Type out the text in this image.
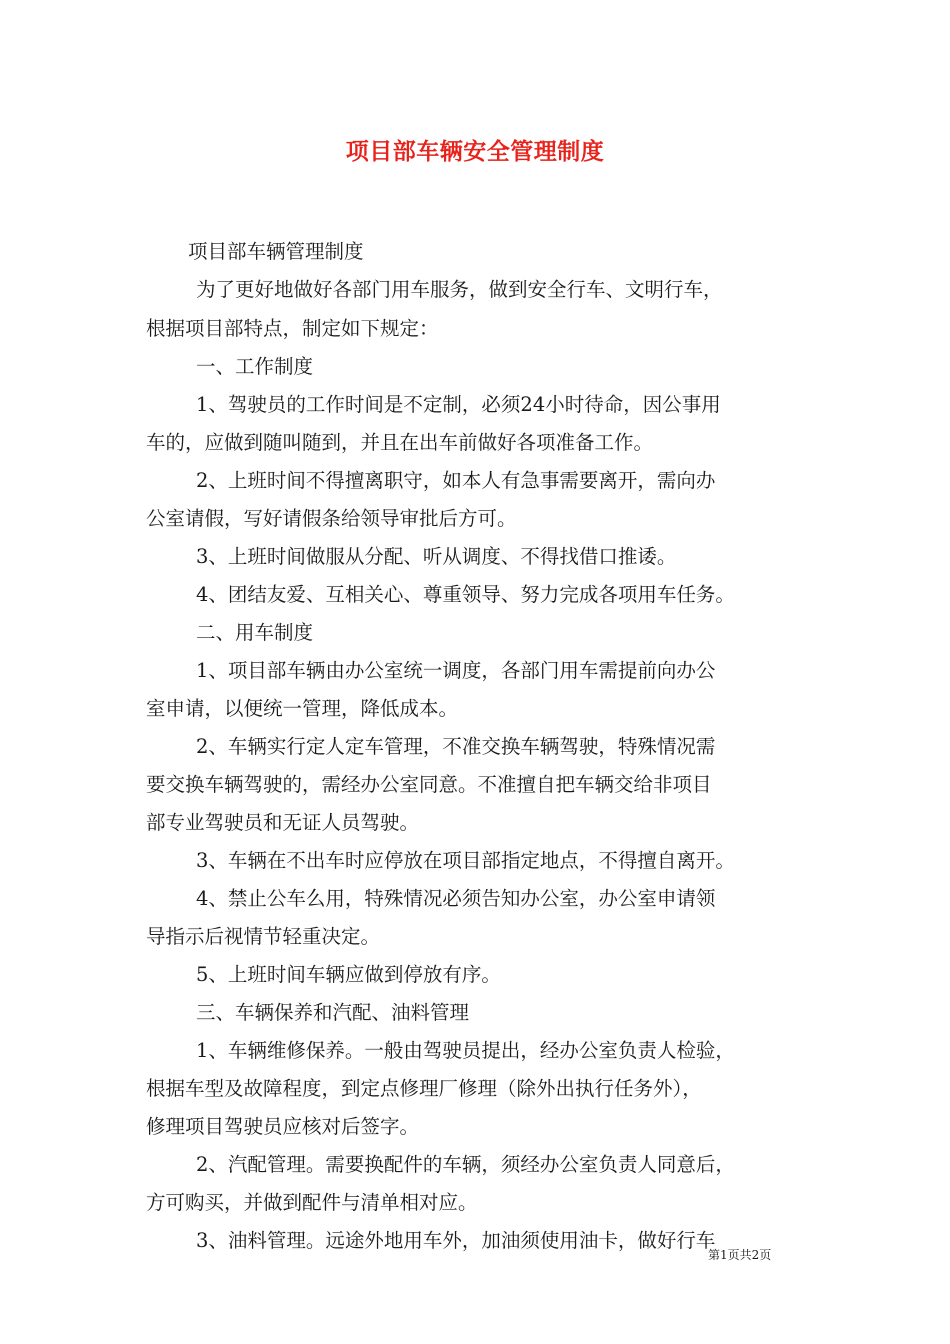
项目部车辆安全管理制度
项目部车辆管理制度
为了更好地做好各部门用车服务，做到安全行车、文明行车，
根据项目部特点，制定如下规定：
一、工作制度
1、驾驶员的工作时间是不定制，必须24小时待命，因公事用
车的，应做到随叫随到，并且在出车前做好各项准备工作。
2、上班时间不得擅离职守，如本人有急事需要离开，需向办
公室请假，写好请假条给领导审批后方可。
3、上班时间做服从分配、听从调度、不得找借口推诿。
4、团结友爱、互相关心、尊重领导、努力完成各项用车任务。
二、用车制度
1、项目部车辆由办公室统一调度，各部门用车需提前向办公
室申请，以便统一管理，降低成本。
2、车辆实行定人定车管理，不准交换车辆驾驶，特殊情况需
要交换车辆驾驶的，需经办公室同意。不准擅自把车辆交给非项目
部专业驾驶员和无证人员驾驶。
3、车辆在不出车时应停放在项目部指定地点，不得擅自离开。
4、禁止公车么用，特殊情况必须告知办公室，办公室申请领
导指示后视情节轻重决定。
5、上班时间车辆应做到停放有序。
三、车辆保养和汽配、油料管理
1、车辆维修保养。一般由驾驶员提出，经办公室负责人检验，
根据车型及故障程度，到定点修理厂修理（除外出执行任务外），
修理项目驾驶员应核对后签字。
2、汽配管理。需要换配件的车辆，须经办公室负责人同意后，
方可购买，并做到配件与清单相对应。
3、油料管理。远途外地用车外，加油须使用油卡，做好行车
第1页共2页
